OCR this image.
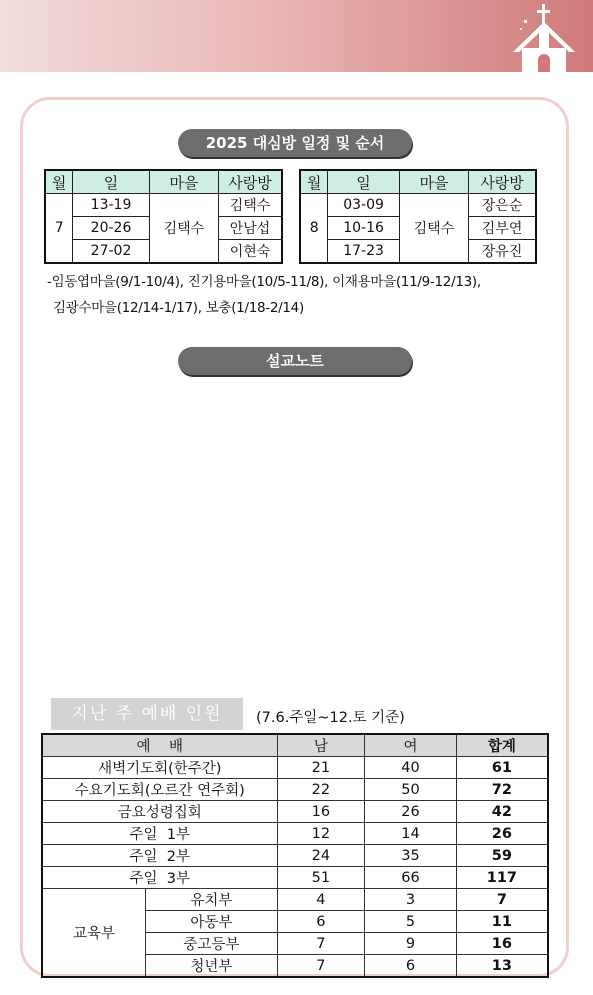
2025 대심방 일정 및 순서
월	일	마을	사랑방
7	13-19	김택수	김택수
	20-26		안남섭
	27-02		이현숙
월	일	마을	사랑방
8	03-09	김택수	장은순
	10-16		김부연
	17-23		장유진
-임동엽마을(9/1-10/4), 진기용마을(10/5-11/8), 이재용마을(11/9-12/13),
김광수마을(12/14-1/17), 보충(1/18-2/14)
설교노트
지난 주 예배 인원	(7.6.주일~12.토 기준)
예    배		남	여	합계
새벽기도회(한주간)		21	40	61
수요기도회(오르간 연주회)		22	50	72
금요성령집회		16	26	42
주일  1부		12	14	26
주일  2부		24	35	59
주일  3부		51	66	117
교육부	유치부	4	3	7
	아동부	6	5	11
	중고등부	7	9	16
	청년부	7	6	13
